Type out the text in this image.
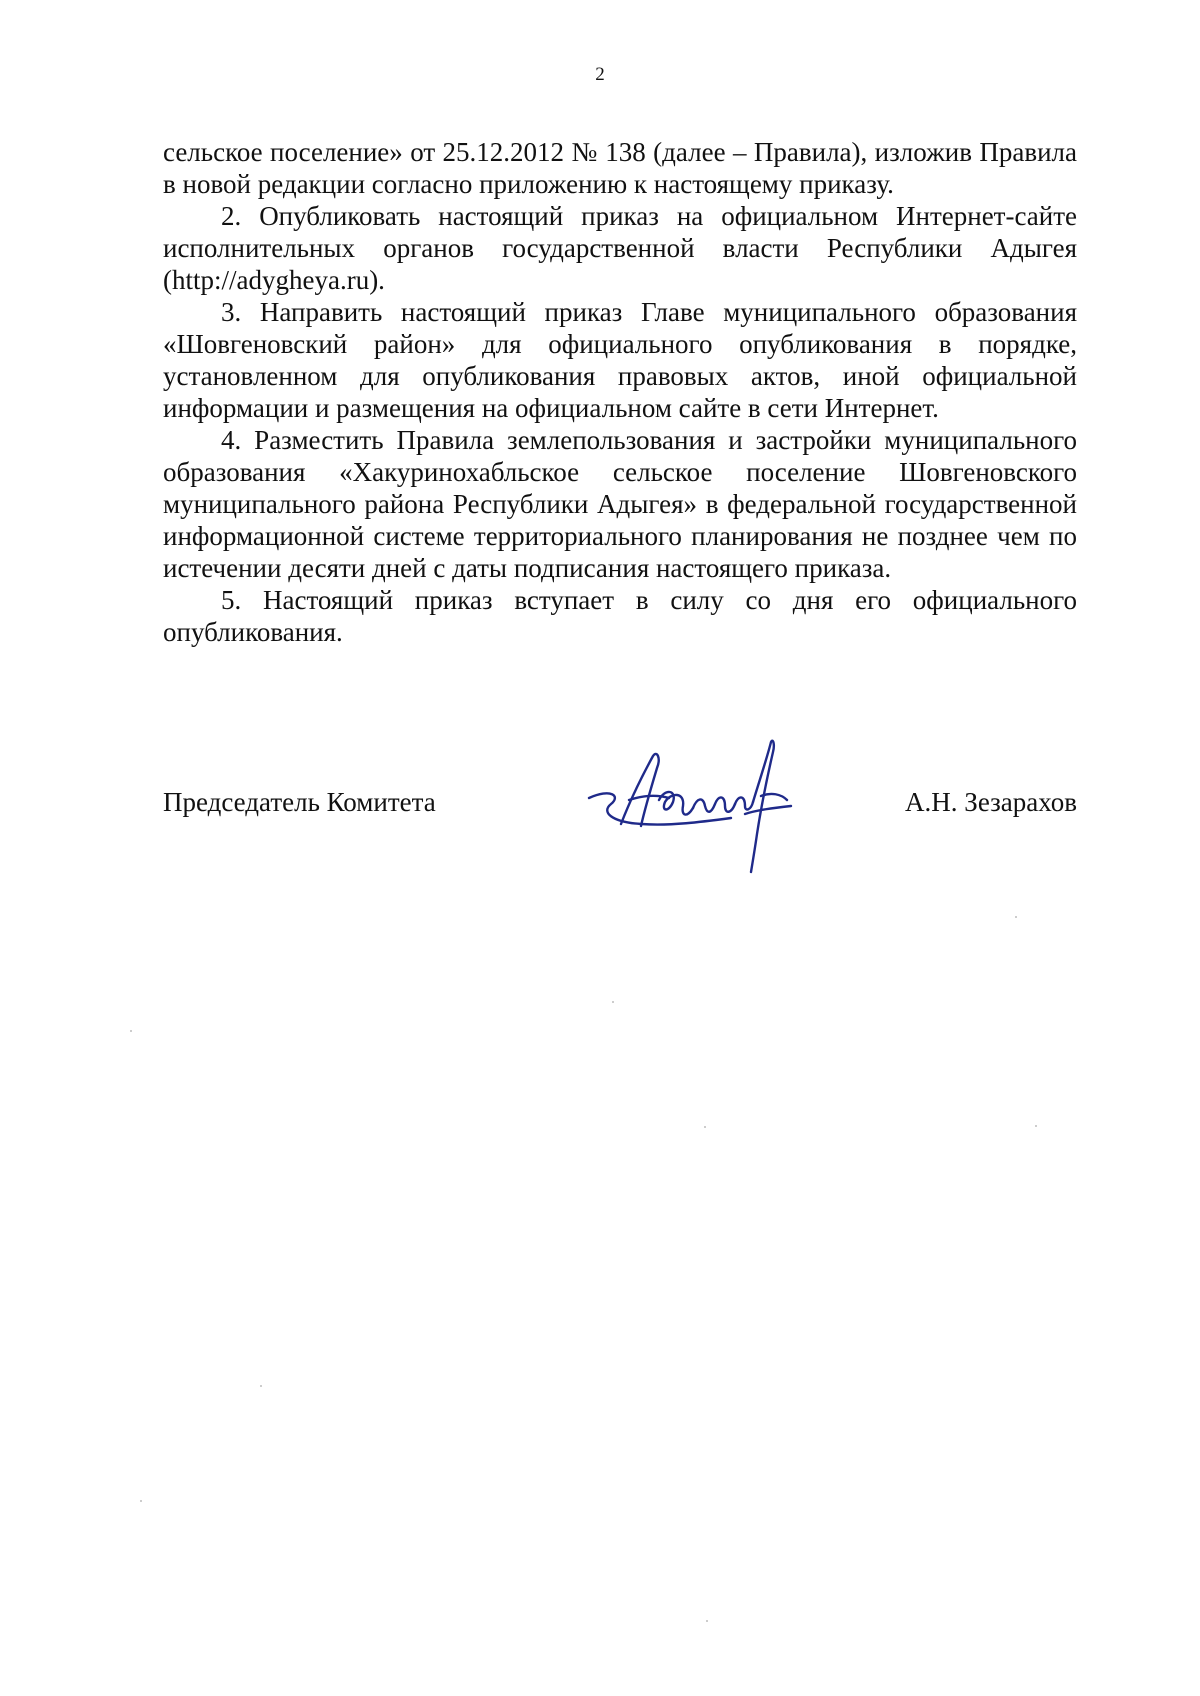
2

сельское поселение» от 25.12.2012 № 138 (далее – Правила), изложив Правила в новой редакции согласно приложению к настоящему приказу.

2. Опубликовать настоящий приказ на официальном Интернет-сайте исполнительных органов государственной власти Республики Адыгея (http://adygheya.ru).

3. Направить настоящий приказ Главе муниципального образования «Шовгеновский район» для официального опубликования в порядке, установленном для опубликования правовых актов, иной официальной информации и размещения на официальном сайте в сети Интернет.

4. Разместить Правила землепользования и застройки муниципального образования «Хакуринохабльское сельское поселение Шовгеновского муниципального района Республики Адыгея» в федеральной государственной информационной системе территориального планирования не позднее чем по истечении десяти дней с даты подписания настоящего приказа.

5. Настоящий приказ вступает в силу со дня его официального опубликования.

Председатель Комитета	А.Н. Зезарахов
